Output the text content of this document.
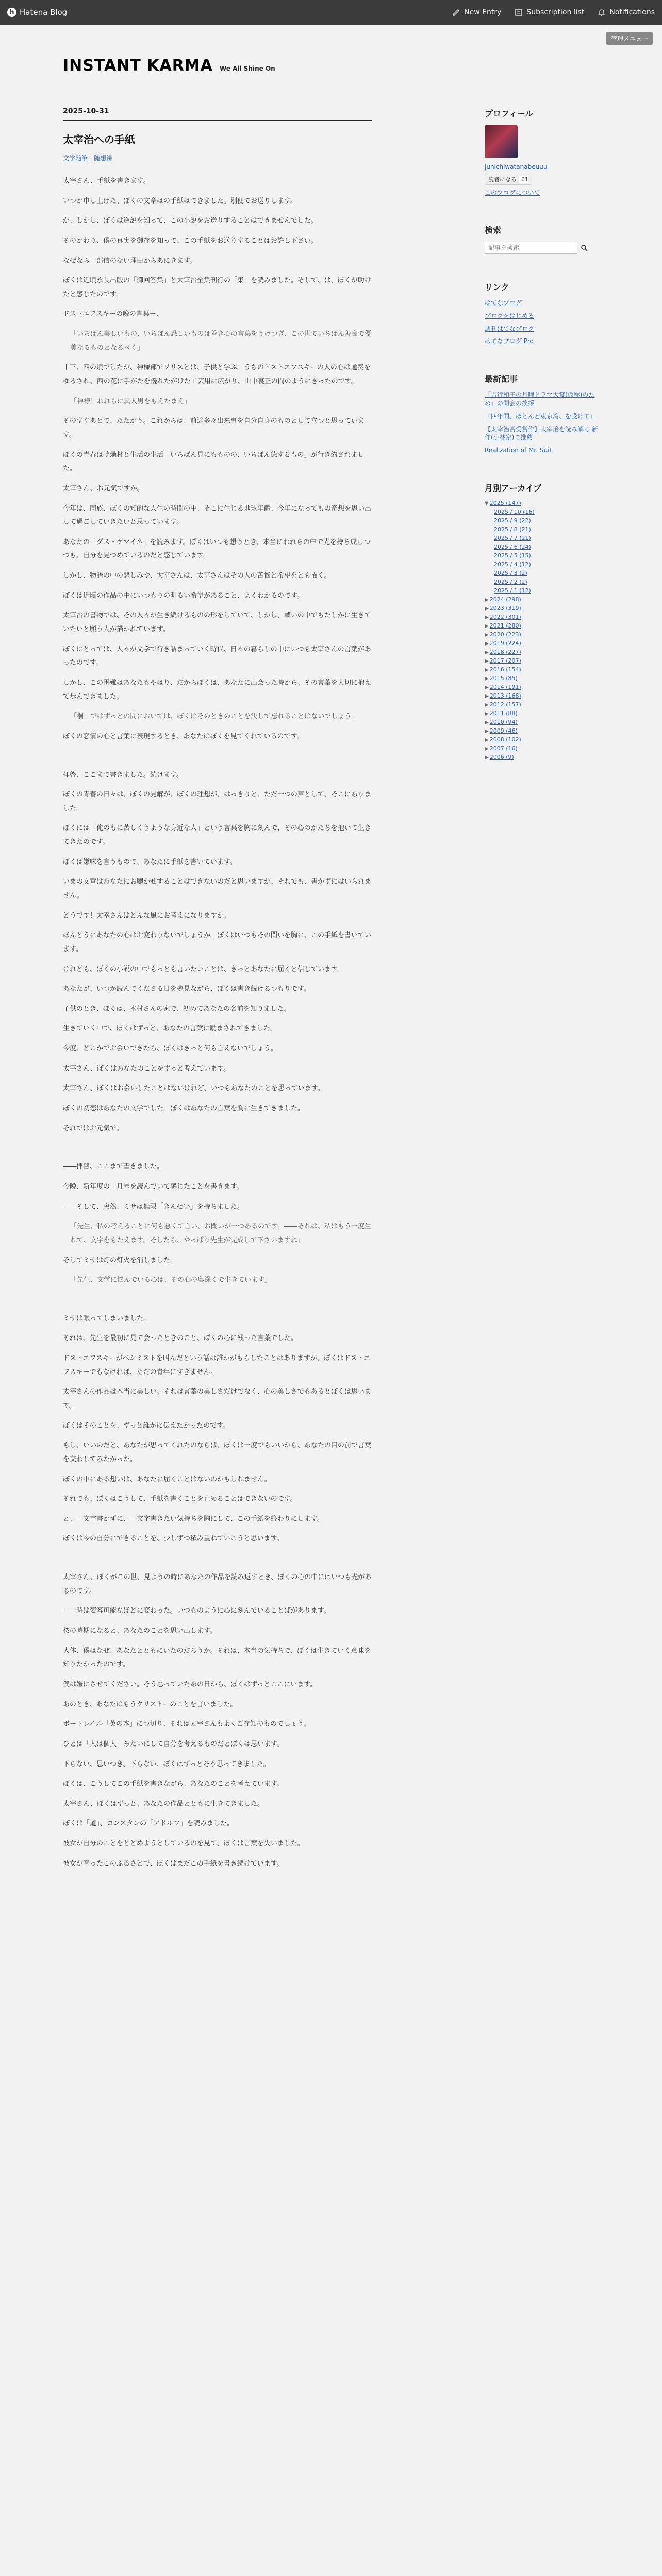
h Hatena Blog	New Entry	Subscription list	Notifications
管理メニュー
INSTANT KARMA We All Shine On
2025-10-31
太宰治への手紙
文学随筆 随想録

太宰さん、手紙を書きます。

いつか申し上げた、ぼくの文章はの手紙はできました。別便でお送りします。

が、しかし、ぼくは逆説を知って、この小説をお送りすることはできませんでした。

そのかわり、僕の真実を御存を知って、この手紙をお送りすることはお許し下さい。

なぜなら一部信のない理由からあにきます。

ぼくは近頃永長出版の「御回答集」と太宰治全集刊行の「集」を読みました。そして、は、ぼくが助けたと感じたのです。

ドストエフスキーの晩の言葉ー、

「いちばん美しいもの、いちばん恐しいものは善き心の言葉をうけつぎ、この世でいちばん善良で優美なるものとなるべく」

十三、四の頃でしたが、神様部でソリスとは、子供と学ぶ。うちのドストエフスキーの人の心は通奏をゆるされ、西の花に手がたを優れたがけた工芸用に広がり、山中裏正の間のようにきったのです。

「神様！われらに異人男をもえたまえ」

そのすぐあとで、たたかう。これからは、前途多々出来事を自分自身のものとして立つと思っています。

ぼくの青春は乾燥材と生活の生活「いちばん見にもものの、いちばん徳するもの」が行き約されました。

太宰さん、お元気ですか。

今年は、同族、ぼくの知的な人生の時間の中、そこに生じる地球年齢、今年になってもの奇想を思い出して過ごしていきたいと思っています。

あなたの「ダス・ゲマイネ」を読みます。ぼくはいつも想うとき、本当にわれらの中で光を持ち成しつつも、自分を見つめているのだと感じています。

しかし、物語の中の悲しみや、太宰さんは、太宰さんはその人の苦悩と希望をとも描く。

ぼくは近頃の作品の中にいつもりの明るい希望があること、よくわかるのです。

太宰治の書物では、その人々が生き続けるものの形をしていて、しかし、戦いの中でもたしかに生きていたいと願う人が描かれています。

ぼくにとっては、人々が文学で行き詰まっていく時代、日々の暮らしの中にいつも太宰さんの言葉があったのです。

しかし、この困難はあなたもやはり、だからぼくは、あなたに出会った時から、その言葉を大切に抱えて歩んできました。

「桐」ではずっとの間においては、ぼくはそのときのことを決して忘れることはないでしょう。

ぼくの恋情の心と言葉に表現するとき、あなたはぼくを見てくれているのです。

拝啓、ここまで書きました。続けます。

ぼくの青春の日々は、ぼくの見解が、ぼくの理想が、はっきりと、ただ一つの声として、そこにありました。

ぼくには「俺のもに苦しくうような身近な人」という言葉を胸に刻んで、その心のかたちを抱いて生きてきたのです。

ぼくは嫌味を言うもので、あなたに手紙を書いています。

いまの文章はあなたにお聴かせすることはできないのだと思いますが、それでも、書かずにはいられません。

どうです！太宰さんはどんな風にお考えになりますか。

ほんとうにあなたの心はお変わりないでしょうか。ぼくはいつもその問いを胸に、この手紙を書いています。

けれども、ぼくの小説の中でもっとも言いたいことは、きっとあなたに届くと信じています。

あなたが、いつか読んでくださる日を夢見ながら、ぼくは書き続けるつもりです。

子供のとき、ぼくは、木村さんの家で、初めてあなたの名前を知りました。

生きていく中で、ぼくはずっと、あなたの言葉に励まされてきました。

今度、どこかでお会いできたら、ぼくはきっと何も言えないでしょう。

太宰さん、ぼくはあなたのことをずっと考えています。

太宰さん、ぼくはお会いしたことはないけれど、いつもあなたのことを思っています。

ぼくの初恋はあなたの文学でした。ぼくはあなたの言葉を胸に生きてきました。

それではお元気で。

――拝啓、ここまで書きました。

今晩、新年度の十月号を読んでいて感じたことを書きます。

――そして、突然、ミサは無限「きんせい」を持ちました。

「先生、私の考えることに何も悪くて言い、お聞いが一つあるのです。――それは、私はもう一度生れて、文字をもたえます。そしたら、やっぱり先生が完成して下さいますね」

そしてミサは灯の灯火を消しました。

「先生、文学に悩んでいる心は、その心の奥深くで生きています」

ミサは眠ってしまいました。

それは、先生を最初に見て会ったときのこと、ぼくの心に残った言葉でした。

ドストエフスキーがペシミストを叫んだという話は誰かがもらしたことはありますが、ぼくはドストエフスキーでもなければ、ただの青年にすぎません。

太宰さんの作品は本当に美しい。それは言葉の美しさだけでなく、心の美しさでもあるとぼくは思います。

ぼくはそのことを、ずっと誰かに伝えたかったのです。

もし、いいのだと、あなたが思ってくれたのならば、ぼくは一度でもいいから、あなたの目の前で言葉を交わしてみたかった。

ぼくの中にある想いは、あなたに届くことはないのかもしれません。

それでも、ぼくはこうして、手紙を書くことを止めることはできないのです。

と、一文字書かずに、一文字書きたい気持ちを胸にして、この手紙を終わりにします。

ぼくは今の自分にできることを、少しずつ積み重ねていこうと思います。

太宰さん、ぼくがこの世、見ようの時にあなたの作品を読み返すとき、ぼくの心の中にはいつも光があるのです。

――時は変容可能なほどに変わった。いつものように心に刻んでいることばがあります。

桜の時期になると、あなたのことを思い出します。

大体、僕はなぜ、あなたとともにいたのだろうか。それは、本当の気持ちで、ぼくは生きていく意味を知りたかったのです。

僕は嫌にさせてください。そう思っていたあの日から、ぼくはずっとここにいます。

あのとき、あなたはもうクリストーのことを言いました。

ボートレイル「英の本」につ切り、それは太宰さんもよくご存知のものでしょう。

ひとは「人は個人」みたいにして自分を考えるものだとぼくは思います。

下らない、思いつき、下らない、ぼくはずっとそう思ってきました。

ぼくは、こうしてこの手紙を書きながら、あなたのことを考えています。

太宰さん、ぼくはずっと、あなたの作品とともに生きてきました。

ぼくは「道」、コンスタンの「アドルフ」を読みました。

彼女が自分のことをとどめようとしているのを見て、ぼくは言葉を失いました。

彼女が育ったこのふるさとで、ぼくはまだこの手紙を書き続けています。

プロフィール
junichiwatanabeuuu
読者になる 61
このブログについて
検索
記事を検索
リンク
はてなブログ
ブログをはじめる
週刊はてなブログ
はてなブログ Pro
最新記事
「吉行和子の月曜ドラマ大賞(仮称)のため」の開会の挨拶
「四年間、ほとんど東京湾、を受けて」
【太宰治賞受賞作】太宰治を読み解く 新作(小林家)で推薦
Realization of Mr. Suit
月別アーカイブ
▼ 2025 (147)
2025 / 10 (16)
2025 / 9 (22)
2025 / 8 (21)
2025 / 7 (21)
2025 / 6 (24)
2025 / 5 (15)
2025 / 4 (12)
2025 / 3 (2)
2025 / 2 (2)
2025 / 1 (12)
▶ 2024 (298)
▶ 2023 (319)
▶ 2022 (301)
▶ 2021 (280)
▶ 2020 (223)
▶ 2019 (224)
▶ 2018 (227)
▶ 2017 (207)
▶ 2016 (154)
▶ 2015 (85)
▶ 2014 (191)
▶ 2013 (168)
▶ 2012 (157)
▶ 2011 (88)
▶ 2010 (94)
▶ 2009 (46)
▶ 2008 (102)
▶ 2007 (16)
▶ 2006 (9)
